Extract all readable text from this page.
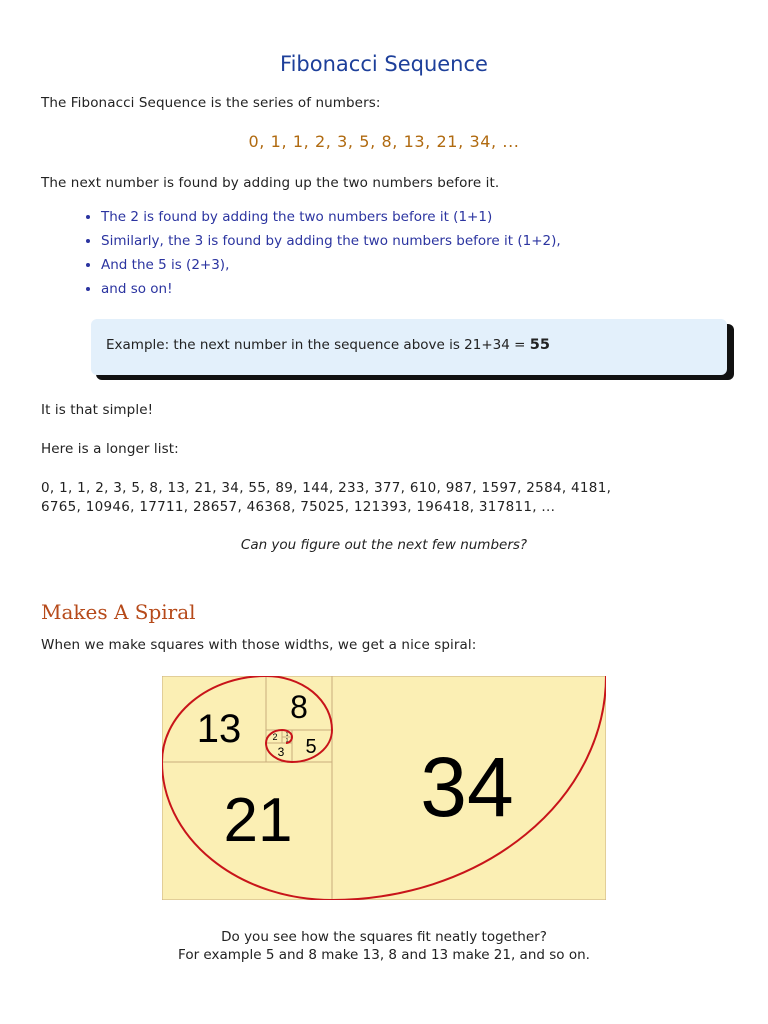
Fibonacci Sequence

The Fibonacci Sequence is the series of numbers:

0, 1, 1, 2, 3, 5, 8, 13, 21, 34, ...

The next number is found by adding up the two numbers before it.

• The 2 is found by adding the two numbers before it (1+1)
• Similarly, the 3 is found by adding the two numbers before it (1+2),
• And the 5 is (2+3),
• and so on!
Example: the next number in the sequence above is 21+34 = 55

It is that simple!

Here is a longer list:

0, 1, 1, 2, 3, 5, 8, 13, 21, 34, 55, 89, 144, 233, 377, 610, 987, 1597, 2584, 4181,
6765, 10946, 17711, 28657, 46368, 75025, 121393, 196418, 317811, ...
Can you figure out the next few numbers?
Makes A Spiral

When we make squares with those widths, we get a nice spiral:

34
21
13 8
5
3
2 1
1
Do you see how the squares fit neatly together?
For example 5 and 8 make 13, 8 and 13 make 21, and so on.
